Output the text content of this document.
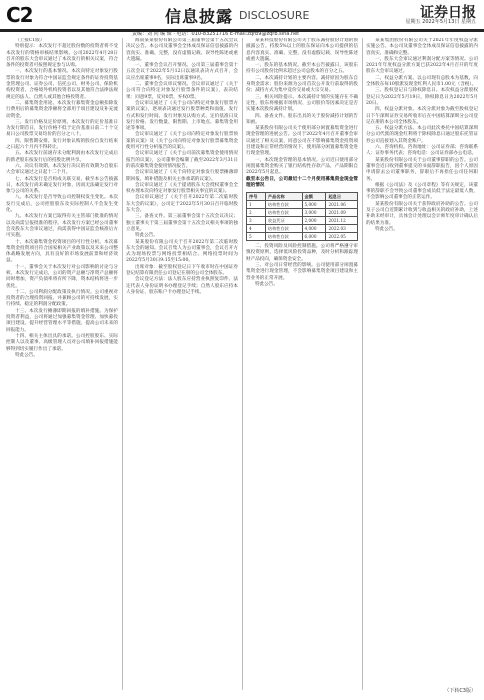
C2	信息披露 DISCLOSURE	证券日报
星期五 2022年5月13日 星期五
责编：刘 向 编 辑 · 电话：010-83251716 E-mail:zqrb9@zqrb.sina.net

（上接C1版）

特别提示：本次发行不超过股份数的投资者将不受本次发行的资格审核结果影响。公司2022年4月28日召开的股东大会审议通过了本次发行的相关议案，符合条件的投资者可按照规定参与认购。

一、本次发行的基本情况。本次向特定对象发行股票的发行对象为符合中国证监会规定条件的证券投资基金管理公司、证券公司、信托公司、财务公司、保险机构投资者、合格境外机构投资者以及其他符合法律法规规定的法人、自然人或其他合格投资者。

二、募集资金用途。本次发行募集资金总额扣除发行费用后的募集资金净额将全部用于项目建设及补充流动资金。

三、发行价格及定价原则。本次发行的定价基准日为发行期首日，发行价格不低于定价基准日前二十个交易日公司股票交易均价的百分之八十。

四、限售期安排。发行对象认购的股份自发行结束之日起六个月内不得转让。

五、本次发行前滚存未分配利润由本次发行完成后的新老股东按发行后的持股比例共享。

六、决议有效期。本次发行决议的有效期为自股东大会审议通过之日起十二个月。

七、本次发行是否构成关联交易。截至本公告披露日，本次发行尚未确定发行对象，因而无法确定发行对象与公司的关系。

八、本次发行是否导致公司控制权发生变化。本次发行完成后，公司控股股东及实际控制人不会发生变化。

九、本次发行方案已取得有关主管部门批准的情况以及尚需呈报批准的程序。本次发行方案已经公司董事会及股东大会审议通过，尚需获得中国证监会核准后方可实施。

十、本次募集资金投资项目的可行性分析。本次募集资金投资项目符合国家相关产业政策以及未来公司整体战略发展方向，具有良好的市场发展前景和经济效益。

十一、董事会关于本次发行对公司影响的讨论与分析。本次发行完成后，公司的资产总额与净资产总额将同时增加，资产负债率将有所下降，资本结构将进一步优化。

十二、公司利润分配政策及执行情况。公司重视对投资者的合理投资回报，并兼顾公司的可持续发展，实行持续、稳定的利润分配政策。

十三、本次发行摊薄即期回报的填补措施。为保护投资者利益，公司将通过加强募集资金管理、加快募投项目建设、提升经营管理水平等措施，提高公司未来的回报能力。

十四、相关主体出具的承诺。公司控股股东、实际控制人以及董事、高级管理人员对公司填补回报措施能够得到切实履行作出了承诺。

特此公告。

海南某某股份有限公司第三届董事会第十五次会议决议公告。本公司及董事会全体成员保证信息披露的内容真实、准确、完整，没有虚假记载、误导性陈述或重大遗漏。

一、董事会会议召开情况。公司第三届董事会第十五次会议于2022年5月12日以通讯表决方式召开，会议应出席董事9名，实际出席董事9名。

二、董事会会议审议情况。会议审议通过了《关于公司符合向特定对象发行股票条件的议案》，表决结果：同意9票，反对0票，弃权0票。

会议审议通过了《关于公司向特定对象发行股票方案的议案》，逐项表决通过发行股票种类和面值、发行方式和发行时间、发行对象及认购方式、定价基准日及发行价格、发行数量、限售期、上市地点、募集资金用途等事项。

会议审议通过了《关于公司向特定对象发行股票预案的议案》及《关于公司向特定对象发行股票募集资金使用可行性分析报告的议案》。

会议审议通过了《关于公司前次募集资金使用情况报告的议案》，公司董事会编制了截至2022年3月31日的前次募集资金使用情况报告。

会议审议通过了《关于向特定对象发行股票摊薄即期回报、填补措施及相关主体承诺的议案》。

会议审议通过了《关于提请股东大会授权董事会全权办理本次向特定对象发行股票相关事宜的议案》。

会议审议通过了《关于召开2022年第二次临时股东大会的议案》，公司定于2022年5月30日召开临时股东大会。

三、备查文件。第三届董事会第十五次会议决议；独立董事关于第三届董事会第十五次会议相关事项的独立意见。

特此公告。

某某股份有限公司关于召开2022年第二次临时股东大会的通知。会议召集人为公司董事会，会议召开方式为现场投票与网络投票相结合。网络投票时间为2022年5月30日9:15至15:00。

出席对象：截至股权登记日下午收市时在中国证券登记结算有限责任公司登记在册的公司全体股东。

会议登记方法：法人股东应持营业执照复印件、法定代表人身份证明书办理登记手续；自然人股东应持本人身份证、股东账户卡办理登记手续。

某某科技股份有限公司关于股东减持股份计划的预披露公告。持股5%以上的股东保证向本公司提供的信息内容真实、准确、完整，没有虚假记载、误导性陈述或重大遗漏。

一、股东的基本情况。截至本公告披露日，该股东持有公司股份比例未超过公司总股本的百分之五。

二、本次减持计划的主要内容。减持原因为股东自身资金需求；股份来源为公司首次公开发行前取得的股份；减持方式为集中竞价交易或大宗交易。

三、相关风险提示。本次减持计划的实施存在不确定性，股东将根据市场情况、公司股价等因素决定是否实施本次股份减持计划。

四、备查文件。股东出具的关于股份减持计划的告知函。

某某股份有限公司关于使用部分闲置募集资金进行现金管理的进展公告。公司于2022年4月召开董事会审议通过了相关议案，同意公司在不影响募集资金投资项目建设和正常经营的情况下，使用部分闲置募集资金进行现金管理。

一、本次现金管理的基本情况。公司近日使用部分闲置募集资金购买了银行结构性存款产品，产品期限自2022年5月起息。

截至本公告日，公司最近十二个月使用募集资金现金管理的情况

序号	产品名称	金额	起息日
1	结构性存款	5,000	2021.06
2	结构性存款	3,000	2021.09
3	收益凭证	2,000	2021.12
4	结构性存款	4,000	2022.03
5	结构性存款	6,000	2022.05

二、投资风险及风险控制措施。公司将严格遵守审慎投资原则，选择低风险投资品种，及时分析和跟踪理财产品投向，确保资金安全。

三、对公司日常经营的影响。公司使用部分闲置募集资金进行现金管理，不会影响募集资金项目建设和主营业务的正常开展。

特此公告。

某某集团股份有限公司关于2021年年度权益分派实施公告。本公司及董事会全体成员保证信息披露的内容真实、准确和完整。

一、股东大会审议通过利润分配方案等情况。公司2021年年度权益分派方案已获2022年4月召开的年度股东大会审议通过。

二、权益分派方案。以公司现有总股本为基数，向全体股东每10股派发现金红利人民币1.00元（含税）。

三、股权登记日与除权除息日。本次权益分派股权登记日为2022年5月19日，除权除息日为2022年5月20日。

四、权益分派对象。本次分派对象为截至股权登记日下午深圳证券交易所收市后在中国结算深圳分公司登记在册的本公司全体股东。

五、权益分派方法。本公司此次委托中国结算深圳分公司代派的现金红利将于除权除息日通过股东托管证券公司直接划入其资金账户。

六、咨询机构。咨询地址：公司证券部；咨询联系人：证券事务代表；咨询电话：公司证券部办公电话。

某某股份有限公司关于公司董事辞职的公告。公司董事会近日收到董事提交的书面辞职报告，因个人原因申请辞去公司董事职务，辞职后不再担任公司任何职务。

根据《公司法》及《公司章程》等有关规定，该董事的辞职不会导致公司董事会成员低于法定最低人数，不会影响公司董事会的正常运作。

某某股份有限公司关于获得政府补助的公告。公司及子公司自近期累计收到与收益相关的政府补助，上述补助未经审计，具体会计处理以会计师年度审计确认后的结果为准。

特此公告。

（下转C3版）
